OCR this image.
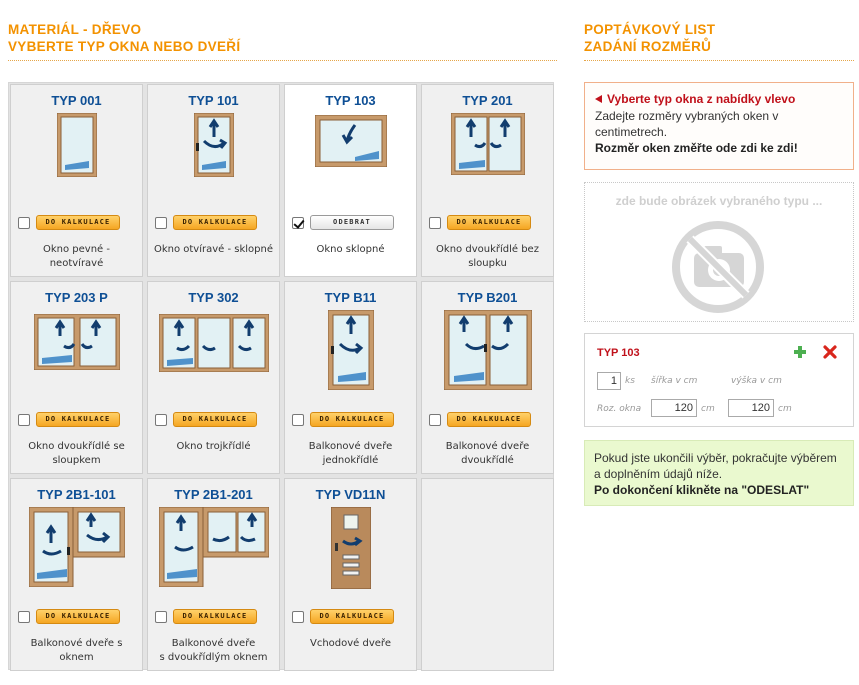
MATERIÁL - DŘEVO
VYBERTE TYP OKNA NEBO DVEŘÍ
POPTÁVKOVÝ LIST
ZADÁNÍ ROZMĚRŮ
TYP 001
DO KALKULACE
Okno pevné - neotvíravé
TYP 101
DO KALKULACE
Okno otvíravé - sklopné
TYP 103
ODEBRAT
Okno sklopné
TYP 201
DO KALKULACE
Okno dvoukřídlé bez
sloupku
TYP 203 P
DO KALKULACE
Okno dvoukřídlé se
sloupkem
TYP 302
DO KALKULACE
Okno trojkřídlé
TYP B11
DO KALKULACE
Balkonové dveře
jednokřídlé
TYP B201
DO KALKULACE
Balkonové dveře
dvoukřídlé
TYP 2B1-101
DO KALKULACE
Balkonové dveře s oknem
TYP 2B1-201
DO KALKULACE
Balkonové dveře
s dvoukřídlým oknem
TYP VD11N
DO KALKULACE
Vchodové dveře
Vyberte typ okna z nabídky vlevo
Zadejte rozměry vybraných oken v centimetrech.
Rozměr oken změřte ode zdi ke zdi!
zde bude obrázek vybraného typu ...
TYP 103
1 ks šířka v cm	výška v cm
Roz. okna	120 cm	120 cm
Pokud jste ukončili výběr, pokračujte výběrem a doplněním údajů níže.
Po dokončení klikněte na "ODESLAT"
